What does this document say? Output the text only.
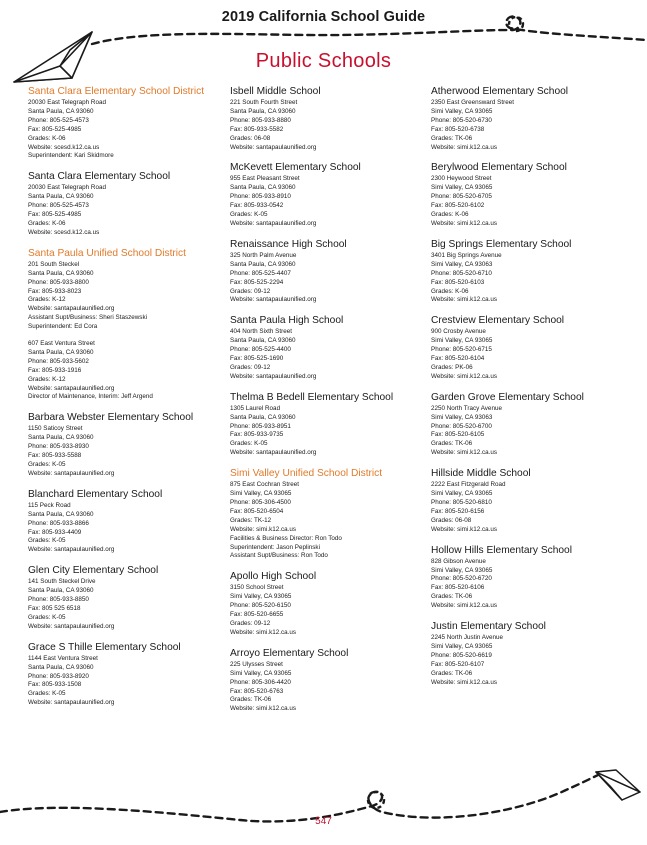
2019 California School Guide
Public Schools
Santa Clara Elementary School District
20030 East Telegraph Road
Santa Paula, CA 93060
Phone: 805-525-4573
Fax: 805-525-4985
Grades: K-06
Website: scesd.k12.ca.us
Superintendent: Kari Skidmore
Santa Clara Elementary School
20030 East Telegraph Road
Santa Paula, CA 93060
Phone: 805-525-4573
Fax: 805-525-4985
Grades: K-06
Website: scesd.k12.ca.us
Santa Paula Unified School District
201 South Steckel
Santa Paula, CA 93060
Phone: 805-933-8800
Fax: 805-933-8023
Grades: K-12
Website: santapaulaunified.org
Assistant Supt/Business: Sheri Staszewski
Superintendent: Ed Cora
607 East Ventura Street
Santa Paula, CA 93060
Phone: 805-933-5602
Fax: 805-933-1916
Grades: K-12
Website: santapaulaunified.org
Director of Maintenance, Interim: Jeff Argend
Barbara Webster Elementary School
1150 Saticoy Street
Santa Paula, CA 93060
Phone: 805-933-8930
Fax: 805-933-5588
Grades: K-05
Website: santapaulaunified.org
Blanchard Elementary School
115 Peck Road
Santa Paula, CA 93060
Phone: 805-933-8866
Fax: 805-933-4409
Grades: K-05
Website: santapaulaunified.org
Glen City Elementary School
141 South Steckel Drive
Santa Paula, CA 93060
Phone: 805-933-8850
Fax: 805 525 6518
Grades: K-05
Website: santapaulaunified.org
Grace S Thille Elementary School
1144 East Ventura Street
Santa Paula, CA 93060
Phone: 805-933-8920
Fax: 805-933-1508
Grades: K-05
Website: santapaulaunified.org
Isbell Middle School
221 South Fourth Street
Santa Paula, CA 93060
Phone: 805-933-8880
Fax: 805-933-5582
Grades: 06-08
Website: santapaulaunified.org
McKevett Elementary School
955 East Pleasant Street
Santa Paula, CA 93060
Phone: 805-933-8910
Fax: 805-933-0542
Grades: K-05
Website: santapaulaunified.org
Renaissance High School
325 North Palm Avenue
Santa Paula, CA 93060
Phone: 805-525-4407
Fax: 805-525-2294
Grades: 09-12
Website: santapaulaunified.org
Santa Paula High School
404 North Sixth Street
Santa Paula, CA 93060
Phone: 805-525-4400
Fax: 805-525-1690
Grades: 09-12
Website: santapaulaunified.org
Thelma B Bedell Elementary School
1305 Laurel Road
Santa Paula, CA 93060
Phone: 805-933-8951
Fax: 805-933-9735
Grades: K-05
Website: santapaulaunified.org
Simi Valley Unified School District
875 East Cochran Street
Simi Valley, CA 93065
Phone: 805-306-4500
Fax: 805-520-6504
Grades: TK-12
Website: simi.k12.ca.us
Facilities & Business Director: Ron Todo
Superintendent: Jason Peplinski
Assistant Supt/Business: Ron Todo
Apollo High School
3150 School Street
Simi Valley, CA 93065
Phone: 805-520-6150
Fax: 805-520-6655
Grades: 09-12
Website: simi.k12.ca.us
Arroyo Elementary School
225 Ulysses Street
Simi Valley, CA 93065
Phone: 805-306-4420
Fax: 805-520-6763
Grades: TK-06
Website: simi.k12.ca.us
Atherwood Elementary School
2350 East Greensward Street
Simi Valley, CA 93065
Phone: 805-520-6730
Fax: 805-520-6738
Grades: TK-06
Website: simi.k12.ca.us
Berylwood Elementary School
2300 Heywood Street
Simi Valley, CA 93065
Phone: 805-520-6705
Fax: 805-520-6102
Grades: K-06
Website: simi.k12.ca.us
Big Springs Elementary School
3401 Big Springs Avenue
Simi Valley, CA 93063
Phone: 805-520-6710
Fax: 805-520-6103
Grades: K-06
Website: simi.k12.ca.us
Crestview Elementary School
900 Crosby Avenue
Simi Valley, CA 93065
Phone: 805-520-6715
Fax: 805-520-6104
Grades: PK-06
Website: simi.k12.ca.us
Garden Grove Elementary School
2250 North Tracy Avenue
Simi Valley, CA 93063
Phone: 805-520-6700
Fax: 805-520-6105
Grades: TK-06
Website: simi.k12.ca.us
Hillside Middle School
2222 East Fitzgerald Road
Simi Valley, CA 93065
Phone: 805-520-6810
Fax: 805-520-6156
Grades: 06-08
Website: simi.k12.ca.us
Hollow Hills Elementary School
828 Gibson Avenue
Simi Valley, CA 93065
Phone: 805-520-6720
Fax: 805-520-6106
Grades: TK-06
Website: simi.k12.ca.us
Justin Elementary School
2245 North Justin Avenue
Simi Valley, CA 93065
Phone: 805-520-6619
Fax: 805-520-6107
Grades: TK-06
Website: simi.k12.ca.us
547
